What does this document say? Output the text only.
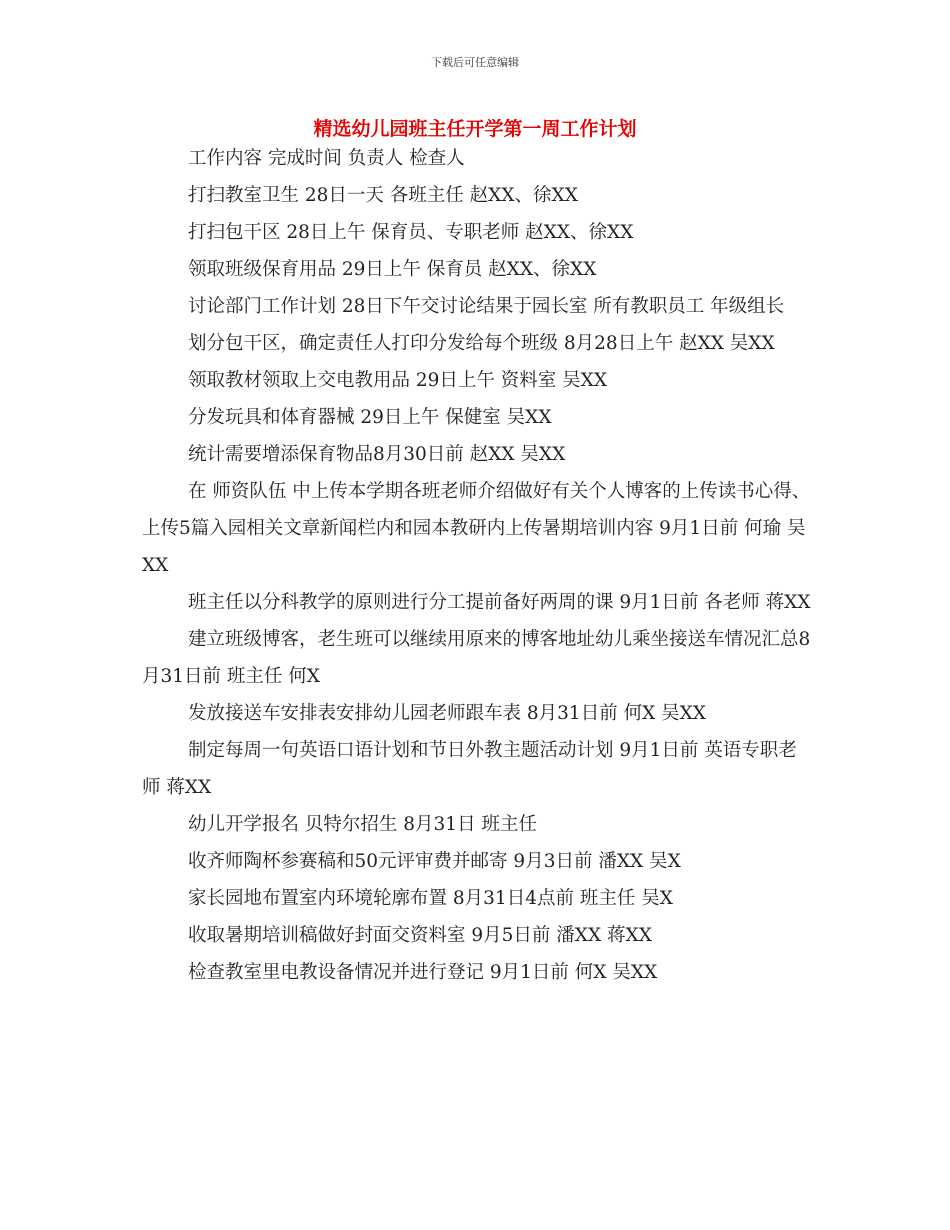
下载后可任意编辑
精选幼儿园班主任开学第一周工作计划

工作内容 完成时间 负责人 检查人

打扫教室卫生 28日一天 各班主任 赵XX、徐XX

打扫包干区 28日上午 保育员、专职老师 赵XX、徐XX

领取班级保育用品 29日上午 保育员 赵XX、徐XX

讨论部门工作计划 28日下午交讨论结果于园长室 所有教职员工 年级组长

划分包干区，确定责任人打印分发给每个班级 8月28日上午 赵XX 吴XX

领取教材领取上交电教用品 29日上午 资料室 吴XX

分发玩具和体育器械 29日上午 保健室 吴XX

统计需要增添保育物品8月30日前 赵XX 吴XX

在 师资队伍 中上传本学期各班老师介绍做好有关个人博客的上传读书心得、上传5篇入园相关文章新闻栏内和园本教研内上传暑期培训内容 9月1日前 何瑜 吴XX

班主任以分科教学的原则进行分工提前备好两周的课 9月1日前 各老师 蒋XX

建立班级博客，老生班可以继续用原来的博客地址幼儿乘坐接送车情况汇总8月31日前 班主任 何X

发放接送车安排表安排幼儿园老师跟车表 8月31日前 何X 吴XX

制定每周一句英语口语计划和节日外教主题活动计划 9月1日前 英语专职老师 蒋XX

幼儿开学报名 贝特尔招生 8月31日 班主任

收齐师陶杯参赛稿和50元评审费并邮寄 9月3日前 潘XX 吴X

家长园地布置室内环境轮廓布置 8月31日4点前 班主任 吴X

收取暑期培训稿做好封面交资料室 9月5日前 潘XX 蒋XX

检查教室里电教设备情况并进行登记 9月1日前 何X 吴XX
